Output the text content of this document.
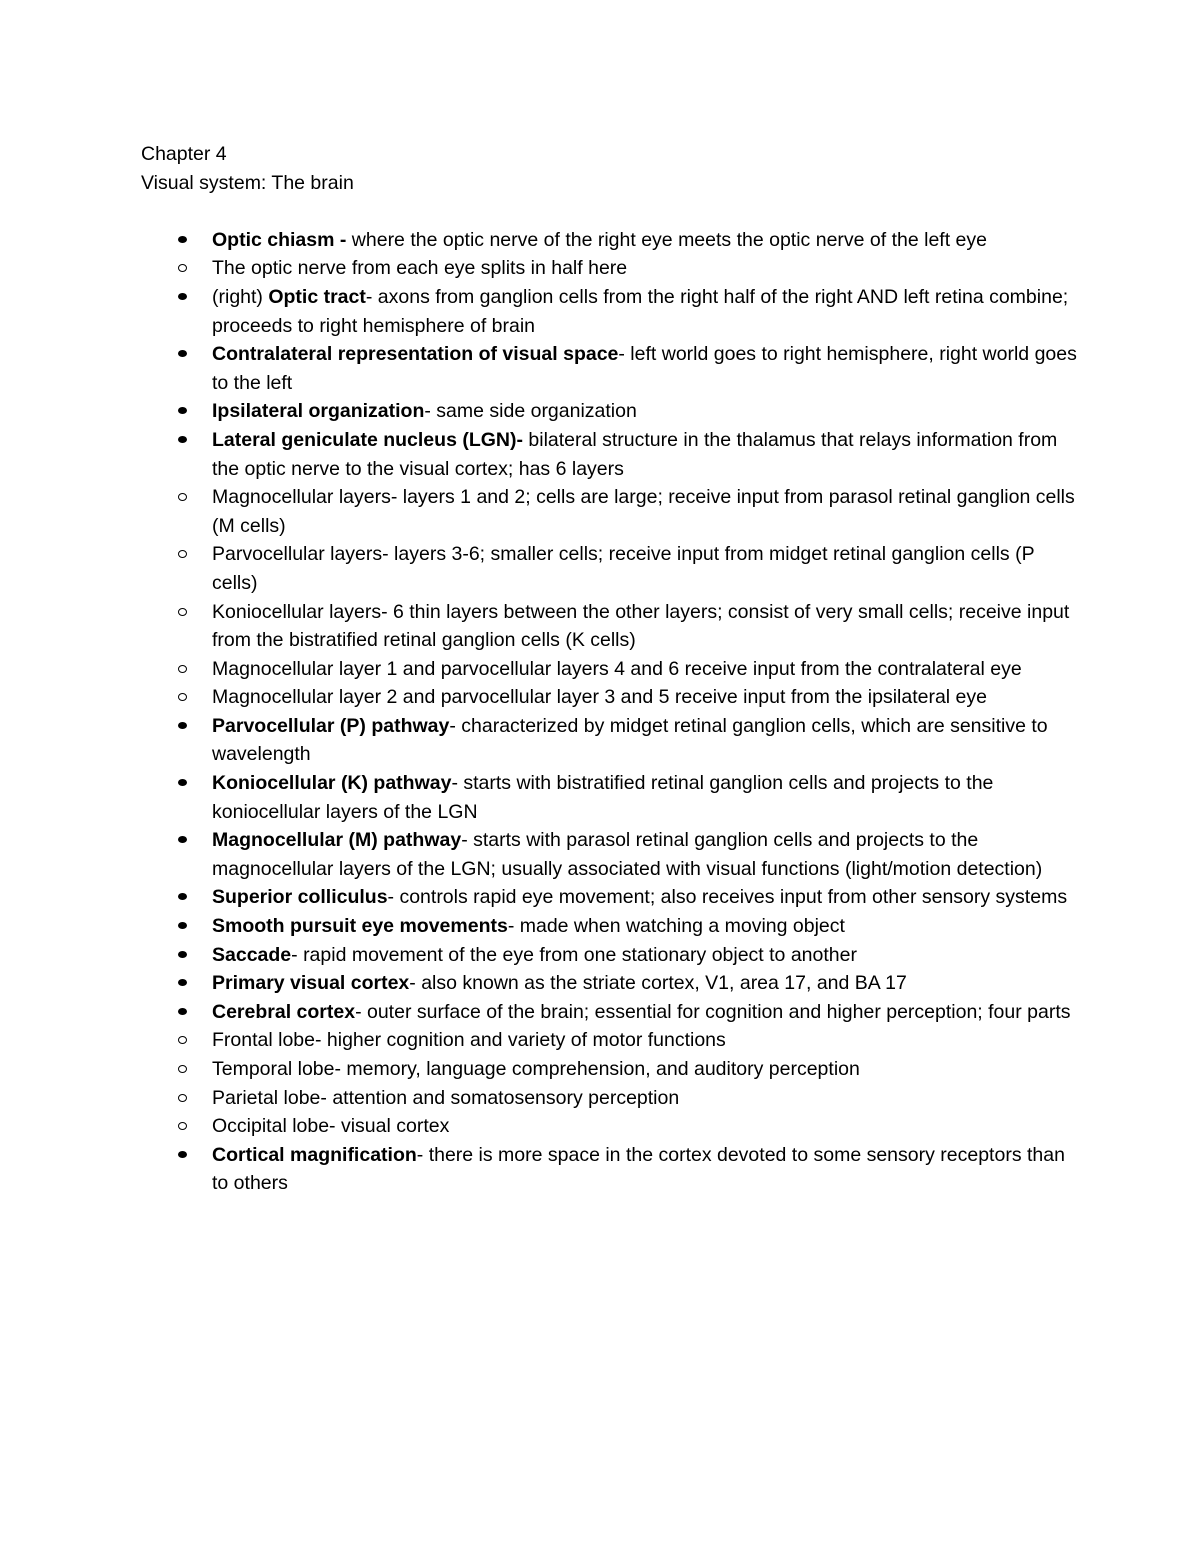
Chapter 4
Visual system: The brain
Optic chiasm - where the optic nerve of the right eye meets the optic nerve of the left eye
The optic nerve from each eye splits in half here
(right) Optic tract- axons from ganglion cells from the right half of the right AND left retina combine; proceeds to right hemisphere of brain
Contralateral representation of visual space- left world goes to right hemisphere, right world goes to the left
Ipsilateral organization- same side organization
Lateral geniculate nucleus (LGN)- bilateral structure in the thalamus that relays information from the optic nerve to the visual cortex; has 6 layers
Magnocellular layers- layers 1 and 2; cells are large; receive input from parasol retinal ganglion cells (M cells)
Parvocellular layers- layers 3-6; smaller cells; receive input from midget retinal ganglion cells (P cells)
Koniocellular layers- 6 thin layers between the other layers; consist of very small cells; receive input from the bistratified retinal ganglion cells (K cells)
Magnocellular layer 1 and parvocellular layers 4 and 6 receive input from the contralateral eye
Magnocellular layer 2 and parvocellular layer 3 and 5 receive input from the ipsilateral eye
Parvocellular (P) pathway- characterized by midget retinal ganglion cells, which are sensitive to wavelength
Koniocellular (K) pathway- starts with bistratified retinal ganglion cells and projects to the koniocellular layers of the LGN
Magnocellular (M) pathway- starts with parasol retinal ganglion cells and projects to the magnocellular layers of the LGN; usually associated with visual functions (light/motion detection)
Superior colliculus- controls rapid eye movement; also receives input from other sensory systems
Smooth pursuit eye movements- made when watching a moving object
Saccade- rapid movement of the eye from one stationary object to another
Primary visual cortex- also known as the striate cortex, V1, area 17, and BA 17
Cerebral cortex- outer surface of the brain; essential for cognition and higher perception; four parts
Frontal lobe- higher cognition and variety of motor functions
Temporal lobe- memory, language comprehension, and auditory perception
Parietal lobe- attention and somatosensory perception
Occipital lobe- visual cortex
Cortical magnification- there is more space in the cortex devoted to some sensory receptors than to others
